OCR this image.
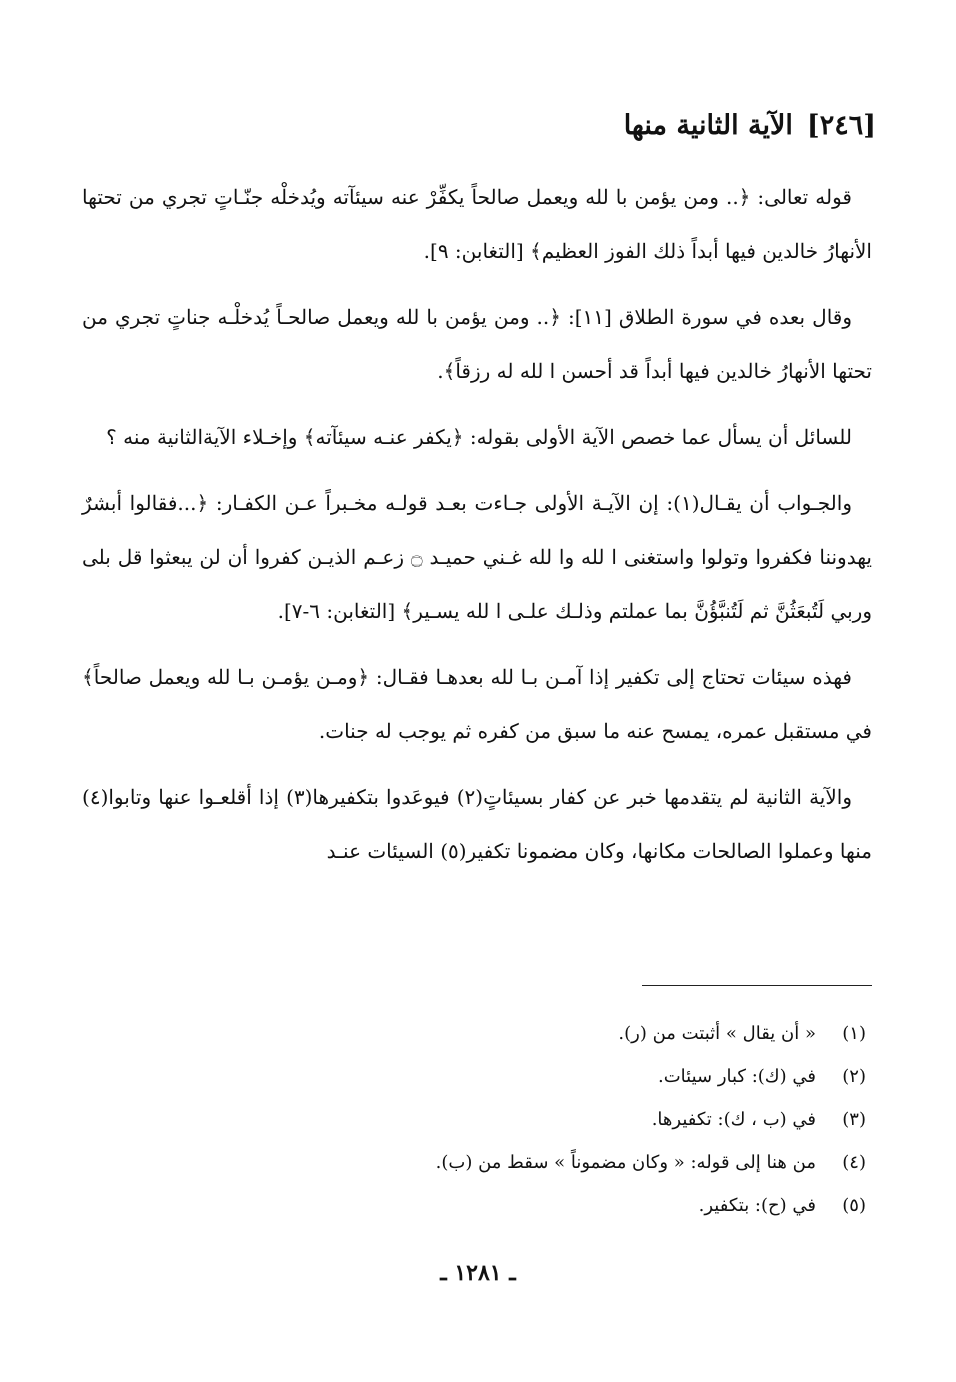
[٢٤٦]الآية الثانية منها

قوله تعالى: ﴿.. ومن يؤمن با لله ويعمل صالحاً يكفِّرْ عنه سيئآته ويُدخلْه جنّـاتٍ تجري من تحتها الأنهارُ خالدين فيها أبداً ذلك الفوز العظيم﴾ [التغابن: ٩].

وقال بعده في سورة الطلاق [١١]: ﴿.. ومن يؤمن با لله ويعمل صالحـاً يُدخلْـه جناتٍ تجري من تحتها الأنهارُ خالدين فيها أبداً قد أحسن ا لله له رزقاً﴾.

للسائل أن يسأل عما خصص الآية الأولى بقوله: ﴿يكفر عنـه سيئآته﴾ وإخـلاء الآيةالثانية منه ؟

والجـواب أن يقـال(١): إن الآيـة الأولى جـاءت بعـد قولـه مخـبراً عـن الكفـار: ﴿...فقالوا أبشرٌ يهدوننا فكفروا وتولوا واستغنى ا لله وا لله غـني حميـد ۝ زعـم الذيـن كفروا أن لن يبعثوا قل بلى وربي لَتُبعَثُنَّ ثم لَتُنبَّؤُنَّ بما عملتم وذلـك علـى ا لله يسـير﴾ [التغابن: ٦-٧].

فهذه سيئات تحتاج إلى تكفير إذا آمـن بـا لله بعدهـا فقـال: ﴿ومـن يؤمـن بـا لله ويعمل صالحاً﴾ في مستقبل عمره، يمسح عنه ما سبق من كفره ثم يوجب له جنات.

والآية الثانية لم يتقدمها خبر عن كفار بسيئاتٍ(٢) فيوعَدوا بتكفيرها(٣) إذا أقلعـوا عنها وتابوا(٤) منها وعملوا الصالحات مكانها، وكان مضمونا تكفير(٥) السيئات عنـد

(١)
« أن يقال » أثبتت من (ر).
(٢)
في (ك): كبار سيئات.
(٣)
في (ب ، ك): تكفيرها.
(٤)
من هنا إلى قوله: « وكان مضموناً » سقط من (ب).
(٥)
في (ح): بتكفير.
ـ ١٢٨١ ـ
